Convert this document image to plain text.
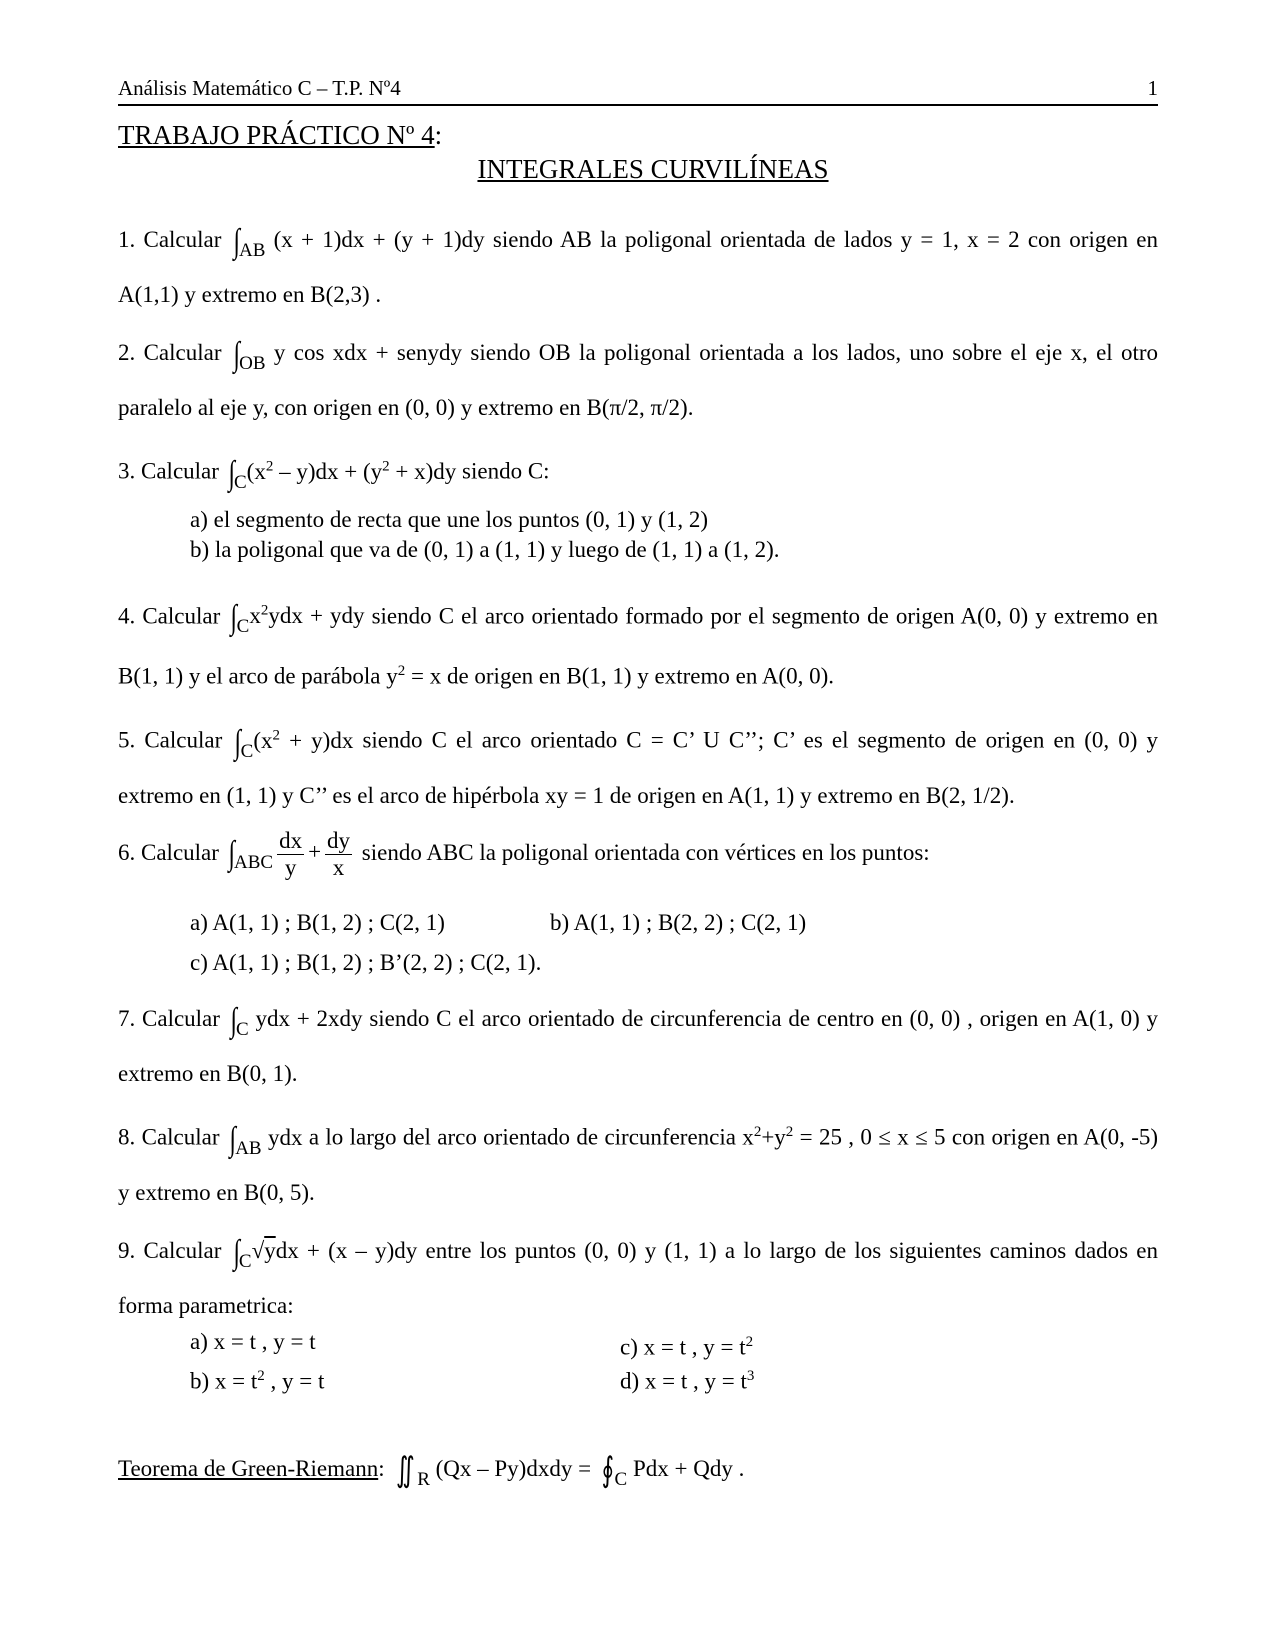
Análisis Matemático C – T.P. Nº4	1
TRABAJO PRÁCTICO Nº 4:
INTEGRALES CURVILÍNEAS

1. Calcular $\int_{AB}$ (x + 1)dx + (y + 1)dy siendo AB la poligonal orientada de lados y = 1, x = 2 con origen en A(1,1) y extremo en B(2,3) .

2. Calcular $\int_{OB}$ y cos xdx + senydy siendo OB la poligonal orientada a los lados, uno sobre el eje x, el otro paralelo al eje y, con origen en (0, 0) y extremo en B(π/2, π/2).

3. Calcular $\int_C(x^2 - y)dx + (y^2 + x)dy$ siendo C:

a) el segmento de recta que une los puntos (0, 1) y (1, 2)
b) la poligonal que va de (0, 1) a (1, 1) y luego de (1, 1) a (1, 2).

4. Calcular $\int_Cx^2ydx$ + ydy siendo C el arco orientado formado por el segmento de origen A(0, 0) y extremo en B(1, 1) y el arco de parábola $y^2 = x$ de origen en B(1, 1) y extremo en A(0, 0).

5. Calcular $\int_C(x^2 + y)dx$ siendo C el arco orientado C = C’ U C’’; C’ es el segmento de origen en (0, 0) y extremo en (1, 1) y C’’ es el arco de hipérbola xy = 1 de origen en A(1, 1) y extremo en B(2, 1/2).

6. Calcular $\int_{ABC} \frac{dx}{y} + \frac{dy}{x}$ siendo ABC la poligonal orientada con vértices en los puntos:

a) A(1, 1) ; B(1, 2) ; C(2, 1)	b) A(1, 1) ; B(2, 2) ; C(2, 1)
c) A(1, 1) ; B(1, 2) ; B’(2, 2) ; C(2, 1).

7. Calcular $\int_C$ ydx + 2xdy siendo C el arco orientado de circunferencia de centro en (0, 0) , origen en A(1, 0) y extremo en B(0, 1).

8. Calcular $\int_{AB}$ ydx a lo largo del arco orientado de circunferencia $x^2+y^2 = 25$ , 0 ≤ x ≤ 5 con origen en A(0, -5) y extremo en B(0, 5).

9. Calcular $\int_C√ydx + (x - y)dy$ entre los puntos (0, 0) y (1, 1) a lo largo de los siguientes caminos dados en forma parametrica:

a) x = t , y = t	c) x = t , $y = t^2$
b) $x = t^2$ , y = t	d) x = t , $y = t^3$

Teorema de Green-Riemann: ∬ $_R$ (Qx – Py)dxdy = $∮_C$ Pdx + Qdy .
